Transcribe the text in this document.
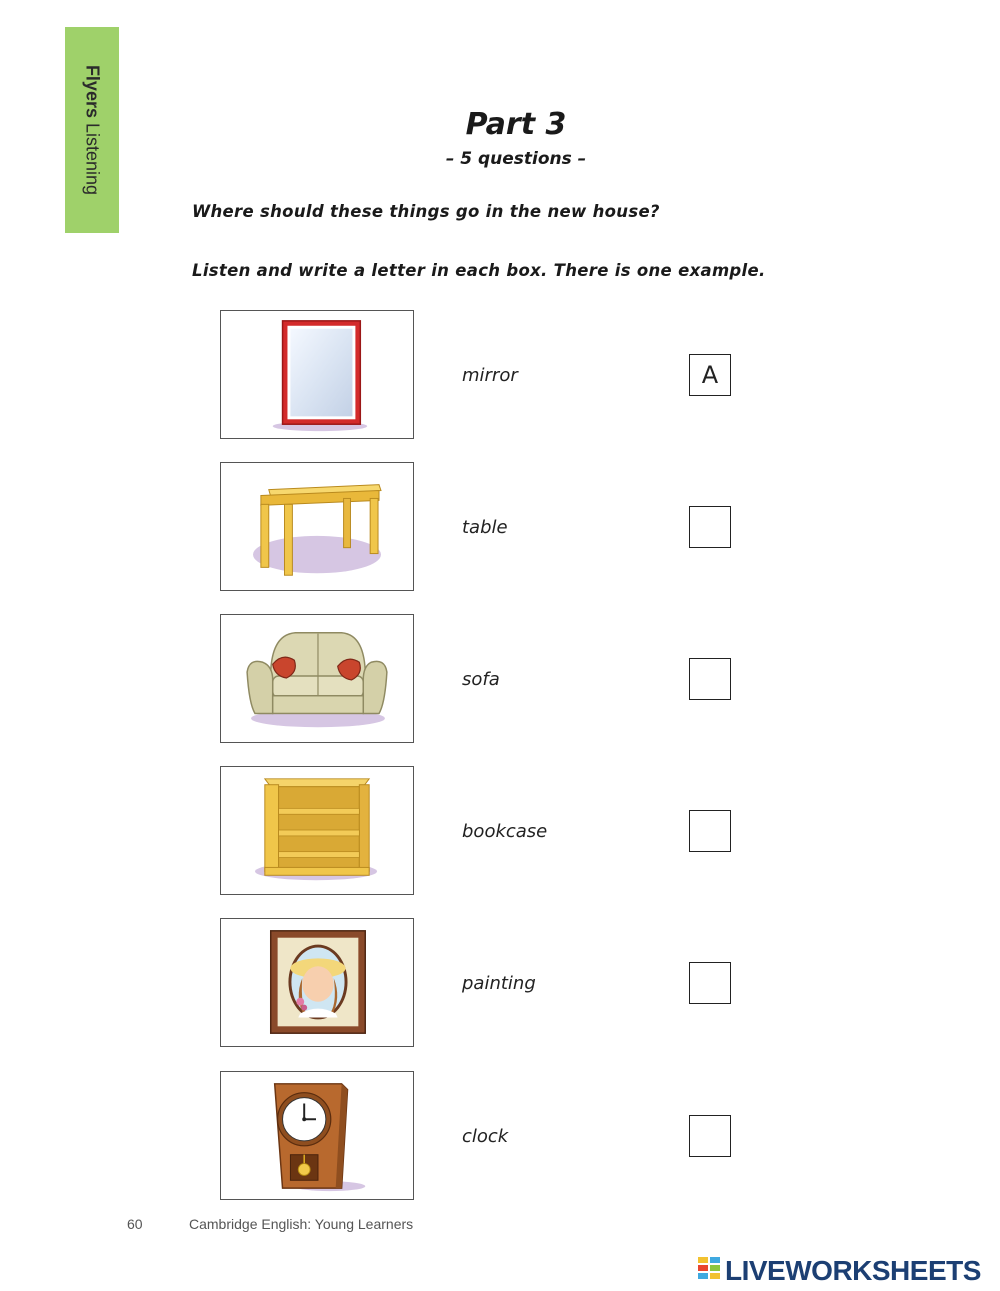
Flyers Listening	Part 3
– 5 questions –
Where should these things go in the new house?
Listen and write a letter in each box. There is one example.
mirror
A
table
sofa
bookcase
painting
clock
60	Cambridge English: Young Learners
LIVEWORKSHEETS
